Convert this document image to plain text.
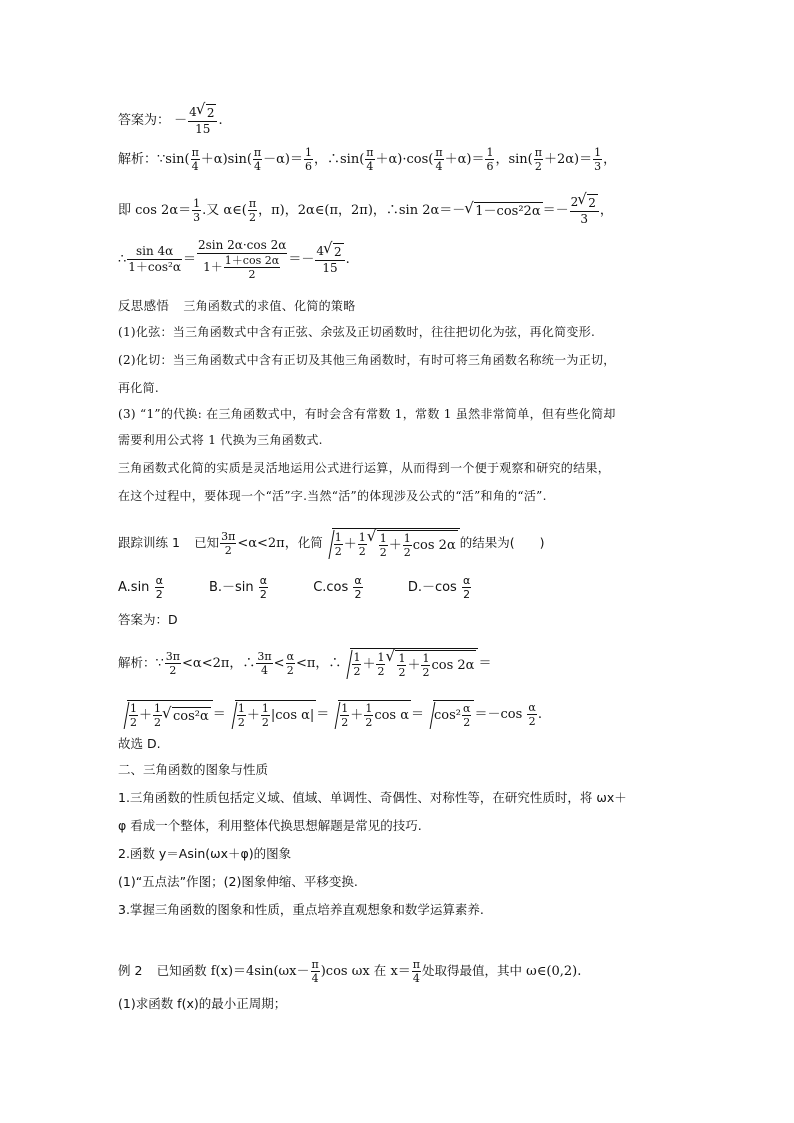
答案为： － $\frac{4 √ 2}{15}$ .
解析：∵sin( $\frac{\pi}{4} +\alpha)\sin( \frac{\pi}{4} -\alpha)= \frac{1}{6}$ ，∴sin( $\frac{\pi}{4} +\alpha)\cdot\cos( \frac{\pi}{4} +\alpha)= \frac{1}{6}$ ，$\sin( \frac{\pi}{2} +2\alpha)= \frac{1}{3}$ ，
即 $\cos 2\alpha= \frac{1}{3}$ .又 α∈( $\frac{\pi}{2}$ ，π)，2α∈(π，2π)，∴sin 2α＝－ √ $1-\cos^22\alpha =- \frac{2 √ 2}{3}$ ，
∴ $\frac{\sin 4\alpha}{\text{1＋cos²α}} = \frac{2\sin 2\alpha\cdot\cos 2\alpha}{1+ \frac{1+\cos 2\alpha}{2}} =- \frac{4 √ 2}{15}$ .
反思感悟 三角函数式的求值、化简的策略
(1)化弦：当三角函数式中含有正弦、余弦及正切函数时，往往把切化为弦，再化简变形.
(2)化切：当三角函数式中含有正切及其他三角函数时，有时可将三角函数名称统一为正切，
再化简.
(3) “1”的代换: 在三角函数式中，有时会含有常数 1，常数 1 虽然非常简单，但有些化简却
需要利用公式将 1 代换为三角函数式.
三角函数式化简的实质是灵活地运用公式进行运算，从而得到一个便于观察和研究的结果，
在这个过程中，要体现一个“活”字.当然“活”的体现涉及公式的“活”和角的“活”.
跟踪训练 1 已知 $\frac{3\pi}{2} <\alpha<2\pi$，化简 $\frac{1}{2} + \frac{1}{2}$ √ $\frac{1}{2} + \frac{1}{2}$ cos 2α 的结果为(　　)
$A.\sin \frac{\alpha}{2}$	$B.-\sin \frac{\alpha}{2}$	$C.\cos \frac{\alpha}{2}$	$D.-\cos \frac{\alpha}{2}$
答案为：D
解析：∵ $\frac{3\pi}{2} <\alpha<2\pi$，∴ $\frac{3\pi}{4} < \frac{\alpha}{2} <\pi$，∴ $\frac{1}{2} + \frac{1}{2}$ √ $\frac{1}{2} + \frac{1}{2}$ cos 2α ＝
$\frac{1}{2} + \frac{1}{2}$ √ $\cos^2\alpha = \frac{1}{2} + \frac{1}{2} |\cos$ $\alpha| = \frac{1}{2} + \frac{1}{2}$ $\cos \alpha = \cos^2 \frac{\alpha}{2} =-\cos \frac{\alpha}{2}$ .
故选 D.
二、三角函数的图象与性质
1.三角函数的性质包括定义域、值域、单调性、奇偶性、对称性等，在研究性质时，将 ωx＋
φ 看成一个整体，利用整体代换思想解题是常见的技巧.
2.函数 y＝Asin(ωx＋φ)的图象
(1)“五点法”作图；(2)图象伸缩、平移变换.
3.掌握三角函数的图象和性质，重点培养直观想象和数学运算素养.
例 2 已知函数 $f(x)=4\sin(\omega x- \frac{\pi}{4} )\cos$ ωx 在 $x= \frac{\pi}{4}$ 处取得最值，其中 ω∈(0,2).
(1)求函数 f(x)的最小正周期；
